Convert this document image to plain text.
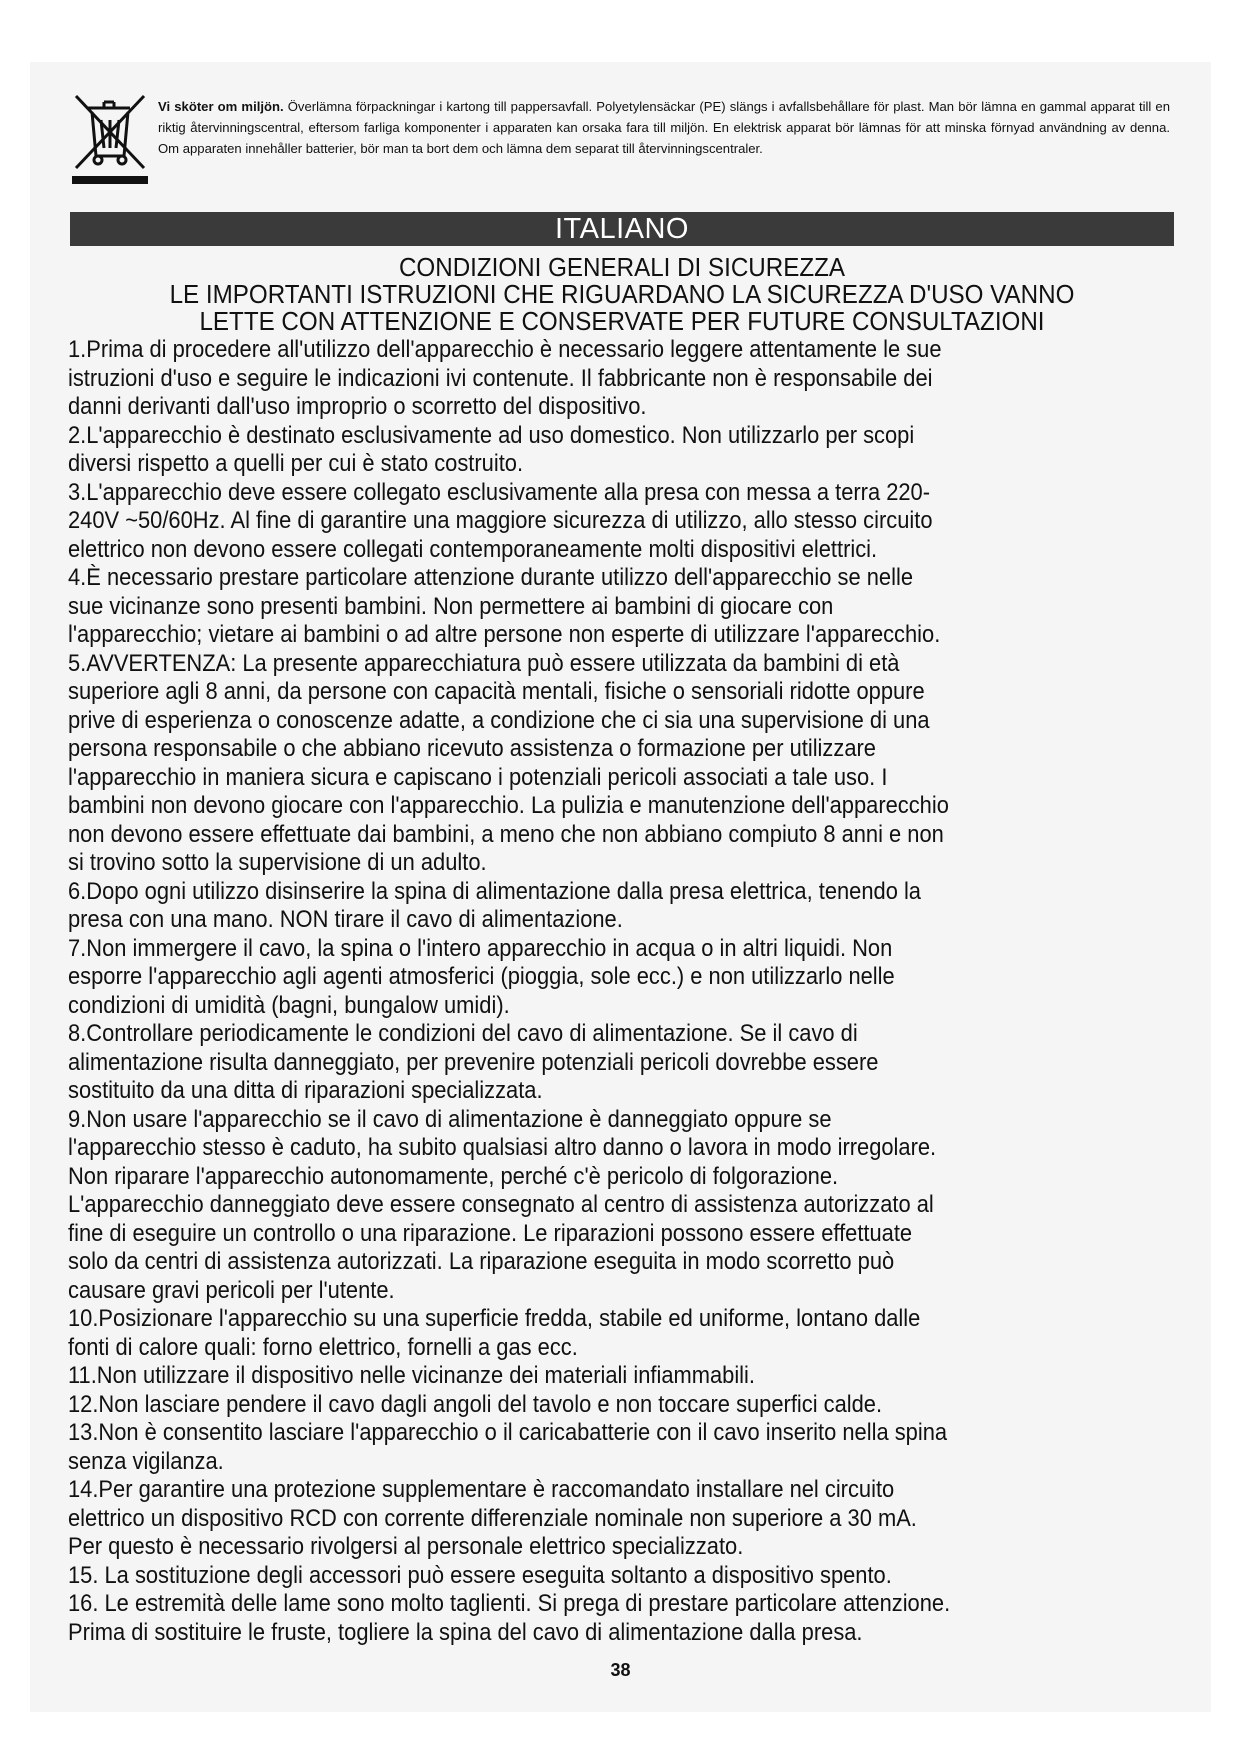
Vi sköter om miljön. Överlämna förpackningar i kartong till pappersavfall. Polyetylensäckar (PE) slängs i avfallsbehållare för plast. Man bör lämna en gammal apparat till en riktig återvinningscentral, eftersom farliga komponenter i apparaten kan orsaka fara till miljön. En elektrisk apparat bör lämnas för att minska förnyad användning av denna. Om apparaten innehåller batterier, bör man ta bort dem och lämna dem separat till återvinningscentraler.
ITALIANO
CONDIZIONI GENERALI DI SICUREZZA
LE IMPORTANTI ISTRUZIONI CHE RIGUARDANO LA SICUREZZA D'USO VANNO
LETTE CON ATTENZIONE E CONSERVATE PER FUTURE CONSULTAZIONI
1.Prima di procedere all'utilizzo dell'apparecchio è necessario leggere attentamente le sue
istruzioni d'uso e seguire le indicazioni ivi contenute. Il fabbricante non è responsabile dei
danni derivanti dall'uso improprio o scorretto del dispositivo.
2.L'apparecchio è destinato esclusivamente ad uso domestico. Non utilizzarlo per scopi
diversi rispetto a quelli per cui è stato costruito.
3.L'apparecchio deve essere collegato esclusivamente alla presa con messa a terra 220-
240V ~50/60Hz. Al fine di garantire una maggiore sicurezza di utilizzo, allo stesso circuito
elettrico non devono essere collegati contemporaneamente molti dispositivi elettrici.
4.È necessario prestare particolare attenzione durante utilizzo dell'apparecchio se nelle
sue vicinanze sono presenti bambini. Non permettere ai bambini di giocare con
l'apparecchio; vietare ai bambini o ad altre persone non esperte di utilizzare l'apparecchio.
5.AVVERTENZA: La presente apparecchiatura può essere utilizzata da bambini di età
superiore agli 8 anni, da persone con capacità mentali, fisiche o sensoriali ridotte oppure
prive di esperienza o conoscenze adatte, a condizione che ci sia una supervisione di una
persona responsabile o che abbiano ricevuto assistenza o formazione per utilizzare
l'apparecchio in maniera sicura e capiscano i potenziali pericoli associati a tale uso. I
bambini non devono giocare con l'apparecchio. La pulizia e manutenzione dell'apparecchio
non devono essere effettuate dai bambini, a meno che non abbiano compiuto 8 anni e non
si trovino sotto la supervisione di un adulto.
6.Dopo ogni utilizzo disinserire la spina di alimentazione dalla presa elettrica, tenendo la
presa con una mano. NON tirare il cavo di alimentazione.
7.Non immergere il cavo, la spina o l'intero apparecchio in acqua o in altri liquidi. Non
esporre l'apparecchio agli agenti atmosferici (pioggia, sole ecc.) e non utilizzarlo nelle
condizioni di umidità (bagni, bungalow umidi).
8.Controllare periodicamente le condizioni del cavo di alimentazione. Se il cavo di
alimentazione risulta danneggiato, per prevenire potenziali pericoli dovrebbe essere
sostituito da una ditta di riparazioni specializzata.
9.Non usare l'apparecchio se il cavo di alimentazione è danneggiato oppure se
l'apparecchio stesso è caduto, ha subito qualsiasi altro danno o lavora in modo irregolare.
Non riparare l'apparecchio autonomamente, perché c'è pericolo di folgorazione.
L'apparecchio danneggiato deve essere consegnato al centro di assistenza autorizzato al
fine di eseguire un controllo o una riparazione. Le riparazioni possono essere effettuate
solo da centri di assistenza autorizzati. La riparazione eseguita in modo scorretto può
causare gravi pericoli per l'utente.
10.Posizionare l'apparecchio su una superficie fredda, stabile ed uniforme, lontano dalle
fonti di calore quali: forno elettrico, fornelli a gas ecc.
11.Non utilizzare il dispositivo nelle vicinanze dei materiali infiammabili.
12.Non lasciare pendere il cavo dagli angoli del tavolo e non toccare superfici calde.
13.Non è consentito lasciare l'apparecchio o il caricabatterie con il cavo inserito nella spina
senza vigilanza.
14.Per garantire una protezione supplementare è raccomandato installare nel circuito
elettrico un dispositivo RCD con corrente differenziale nominale non superiore a 30 mA.
Per questo è necessario rivolgersi al personale elettrico specializzato.
15. La sostituzione degli accessori può essere eseguita soltanto a dispositivo spento.
16. Le estremità delle lame sono molto taglienti. Si prega di prestare particolare attenzione.
Prima di sostituire le fruste, togliere la spina del cavo di alimentazione dalla presa.
38
